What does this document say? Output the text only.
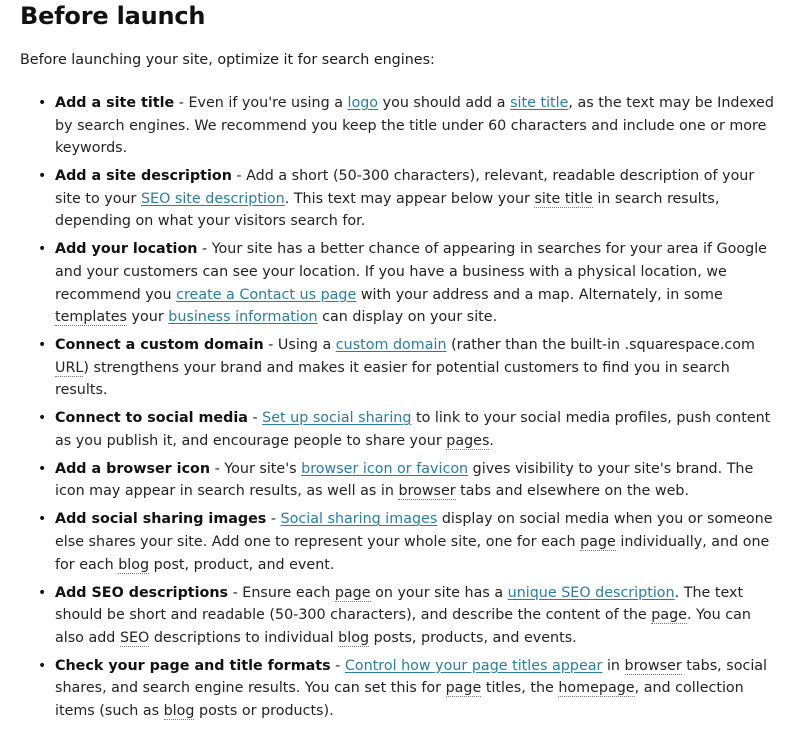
Before launch

Before launching your site, optimize it for search engines:

• Add a site title - Even if you're using a logo you should add a site title, as the text may be Indexed by search engines. We recommend you keep the title under 60 characters and include one or more keywords.
• Add a site description - Add a short (50-300 characters), relevant, readable description of your site to your SEO site description. This text may appear below your site title in search results, depending on what your visitors search for.
• Add your location - Your site has a better chance of appearing in searches for your area if Google and your customers can see your location. If you have a business with a physical location, we recommend you create a Contact us page with your address and a map. Alternately, in some templates your business information can display on your site.
• Connect a custom domain - Using a custom domain (rather than the built-in .squarespace.com URL) strengthens your brand and makes it easier for potential customers to find you in search results.
• Connect to social media - Set up social sharing to link to your social media profiles, push content as you publish it, and encourage people to share your pages.
• Add a browser icon - Your site's browser icon or favicon gives visibility to your site's brand. The icon may appear in search results, as well as in browser tabs and elsewhere on the web.
• Add social sharing images - Social sharing images display on social media when you or someone else shares your site. Add one to represent your whole site, one for each page individually, and one for each blog post, product, and event.
• Add SEO descriptions - Ensure each page on your site has a unique SEO description. The text should be short and readable (50-300 characters), and describe the content of the page. You can also add SEO descriptions to individual blog posts, products, and events.
• Check your page and title formats - Control how your page titles appear in browser tabs, social shares, and search engine results. You can set this for page titles, the homepage, and collection items (such as blog posts or products).
